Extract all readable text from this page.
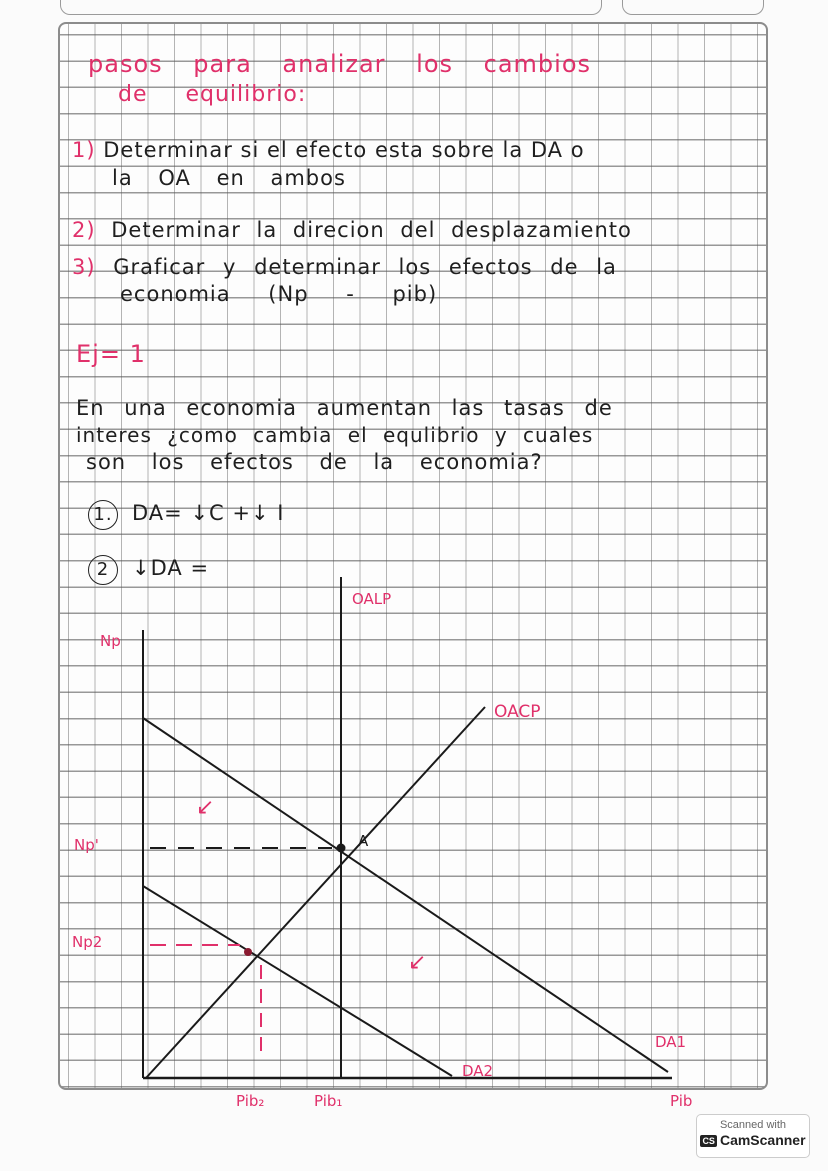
pasos para analizar los cambios
de equilibrio:
1) Determinar si el efecto esta sobre la DA o
la OA en ambos
2) Determinar la direcion del desplazamiento
3) Graficar y determinar los efectos de la
economia (Np - pib)
Ej= 1
En una economia aumentan las tasas de
interes ¿como cambia el equlibrio y cuales
son los efectos de la economia?
1. DA= ↓C +↓ I
2 ↓DA =
Np
Np'
Np2
OALP
OACP
A
DA1
DA2
Pib₂	Pib₁	Pib
↙
↙
Scanned with
CS CamScanner
